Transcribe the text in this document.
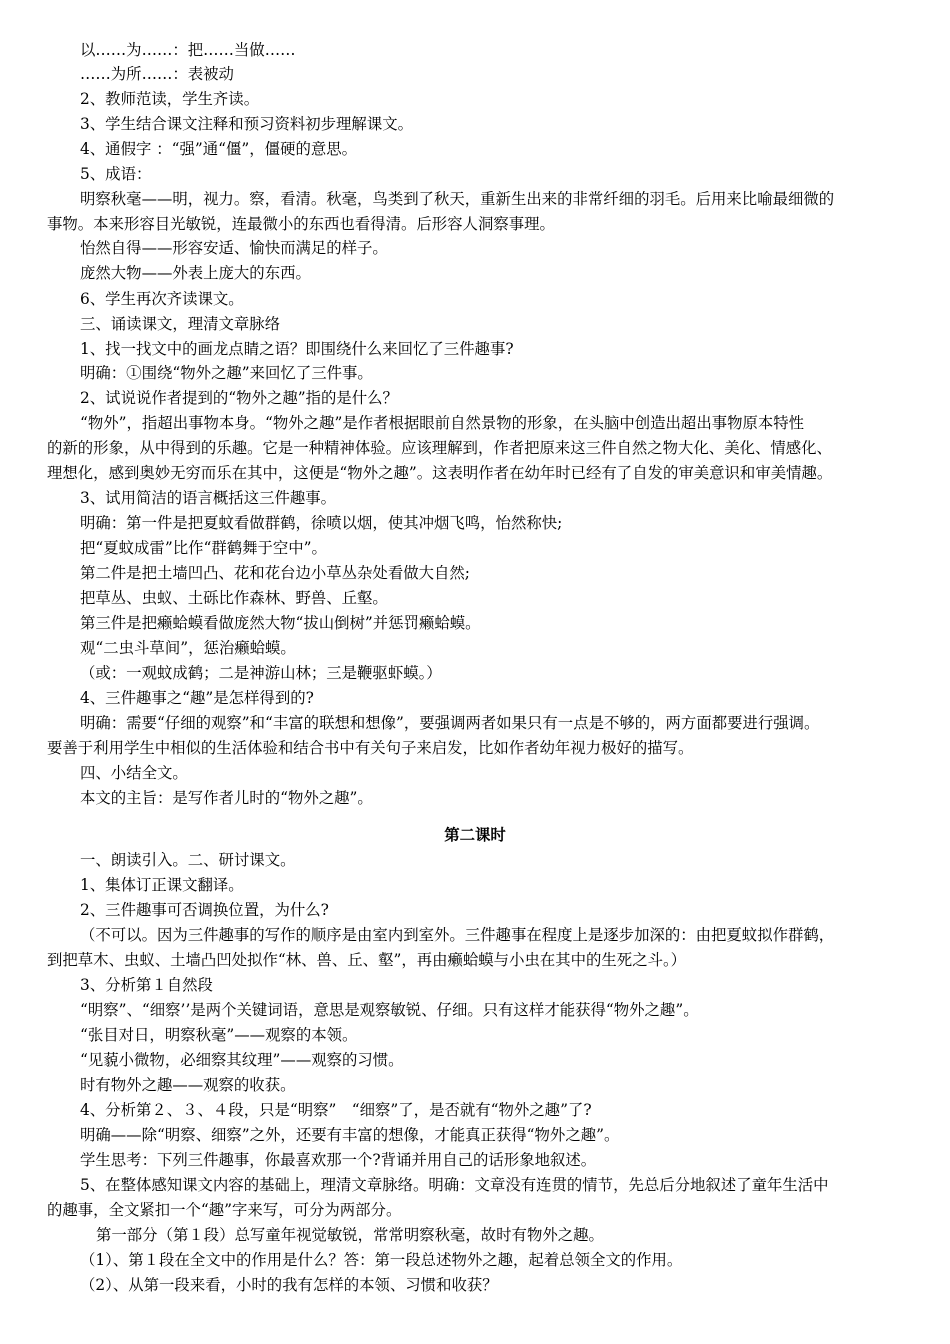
以……为……：把……当做……
……为所……：表被动
2、教师范读，学生齐读。
3、学生结合课文注释和预习资料初步理解课文。
4、通假字 ：“强”通“僵”，僵硬的意思。
5、成语：
明察秋毫——明，视力。察，看清。秋毫，鸟类到了秋天，重新生出来的非常纤细的羽毛。后用来比喻最细微的
事物。本来形容目光敏锐，连最微小的东西也看得清。后形容人洞察事理。
怡然自得——形容安适、愉快而满足的样子。
庞然大物——外表上庞大的东西。
6、学生再次齐读课文。
三、诵读课文，理清文章脉络
1、找一找文中的画龙点睛之语？即围绕什么来回忆了三件趣事?
明确：①围绕“物外之趣”来回忆了三件事。
2、试说说作者提到的“物外之趣”指的是什么？
“物外”，指超出事物本身。“物外之趣”是作者根据眼前自然景物的形象，在头脑中创造出超出事物原本特性
的新的形象，从中得到的乐趣。它是一种精神体验。应该理解到，作者把原来这三件自然之物大化、美化、情感化、
理想化，感到奥妙无穷而乐在其中，这便是“物外之趣”。这表明作者在幼年时已经有了自发的审美意识和审美情趣。
3、试用简洁的语言概括这三件趣事。
明确：第一件是把夏蚊看做群鹤，徐喷以烟，使其冲烟飞鸣，怡然称快;
把“夏蚊成雷”比作“群鹤舞于空中”。
第二件是把土墙凹凸、花和花台边小草丛杂处看做大自然;
把草丛、虫蚁、土砾比作森林、野兽、丘壑。
第三件是把癞蛤蟆看做庞然大物“拔山倒树”并惩罚癞蛤蟆。
观“二虫斗草间”，惩治癞蛤蟆。
（或：一观蚊成鹤；二是神游山林；三是鞭驱虾蟆。）
4、三件趣事之“趣”是怎样得到的?
明确：需要“仔细的观察”和“丰富的联想和想像”，要强调两者如果只有一点是不够的，两方面都要进行强调。
要善于利用学生中相似的生活体验和结合书中有关句子来启发，比如作者幼年视力极好的描写。
四、小结全文。
本文的主旨：是写作者儿时的“物外之趣”。
第二课时
一、朗读引入。二、研讨课文。
1、集体订正课文翻译。
2、三件趣事可否调换位置，为什么?
（不可以。因为三件趣事的写作的顺序是由室内到室外。三件趣事在程度上是逐步加深的：由把夏蚊拟作群鹤，
到把草木、虫蚁、土墙凸凹处拟作“林、兽、丘、壑”，再由癞蛤蟆与小虫在其中的生死之斗。）
3、分析第１自然段
“明察”、“细察’’是两个关键词语，意思是观察敏锐、仔细。只有这样才能获得“物外之趣”。
“张目对日，明察秋毫”——观察的本领。
“见藐小微物，必细察其纹理”——观察的习惯。
时有物外之趣——观察的收获。
4、分析第２、３、４段，只是“明察”　“细察”了，是否就有“物外之趣”了?
明确——除“明察、细察”之外，还要有丰富的想像，才能真正获得“物外之趣”。
学生思考：下列三件趣事，你最喜欢那一个?背诵并用自己的话形象地叙述。
5、在整体感知课文内容的基础上，理清文章脉络。明确：文章没有连贯的情节，先总后分地叙述了童年生活中
的趣事，全文紧扣一个“趣”字来写，可分为两部分。
第一部分（第１段）总写童年视觉敏锐，常常明察秋毫，故时有物外之趣。
（1）、第１段在全文中的作用是什么？答：第一段总述物外之趣，起着总领全文的作用。
（2）、从第一段来看，小时的我有怎样的本领、习惯和收获？
